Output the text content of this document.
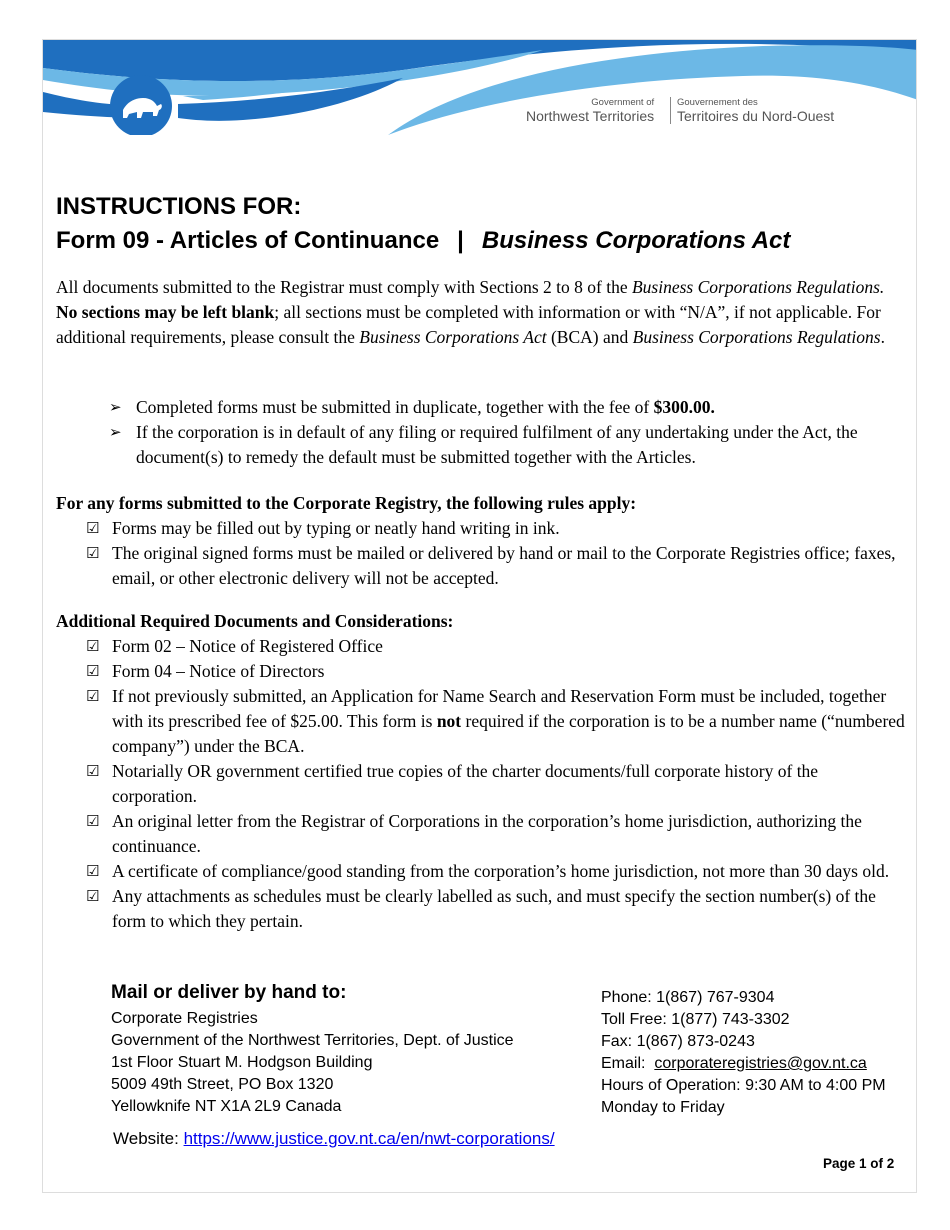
Government of
Northwest Territories
Gouvernement des
Territoires du Nord-Ouest
INSTRUCTIONS FOR:
Form 09 - Articles of Continuance | Business Corporations Act
All documents submitted to the Registrar must comply with Sections 2 to 8 of the Business Corporations Regulations. No sections may be left blank; all sections must be completed with information or with “N/A”, if not applicable. For additional requirements, please consult the Business Corporations Act (BCA) and Business Corporations Regulations.
➢ Completed forms must be submitted in duplicate, together with the fee of $300.00.
➢ If the corporation is in default of any filing or required fulfilment of any undertaking under the Act, the document(s) to remedy the default must be submitted together with the Articles.
For any forms submitted to the Corporate Registry, the following rules apply:
☑ Forms may be filled out by typing or neatly hand writing in ink.
☑ The original signed forms must be mailed or delivered by hand or mail to the Corporate Registries office; faxes, email, or other electronic delivery will not be accepted.
Additional Required Documents and Considerations:
☑ Form 02 – Notice of Registered Office
☑ Form 04 – Notice of Directors
☑ If not previously submitted, an Application for Name Search and Reservation Form must be included, together with its prescribed fee of $25.00. This form is not required if the corporation is to be a number name (“numbered company”) under the BCA.
☑ Notarially OR government certified true copies of the charter documents/full corporate history of the corporation.
☑ An original letter from the Registrar of Corporations in the corporation’s home jurisdiction, authorizing the continuance.
☑ A certificate of compliance/good standing from the corporation’s home jurisdiction, not more than 30 days old.
☑ Any attachments as schedules must be clearly labelled as such, and must specify the section number(s) of the form to which they pertain.
Mail or deliver by hand to:
Corporate Registries
Government of the Northwest Territories, Dept. of Justice
1st Floor Stuart M. Hodgson Building
5009 49th Street, PO Box 1320
Yellowknife NT X1A 2L9 Canada
Phone: 1(867) 767-9304
Toll Free: 1(877) 743-3302
Fax: 1(867) 873-0243
Email: corporateregistries@gov.nt.ca
Hours of Operation: 9:30 AM to 4:00 PM
Monday to Friday
Website: https://www.justice.gov.nt.ca/en/nwt-corporations/
Page 1 of 2
